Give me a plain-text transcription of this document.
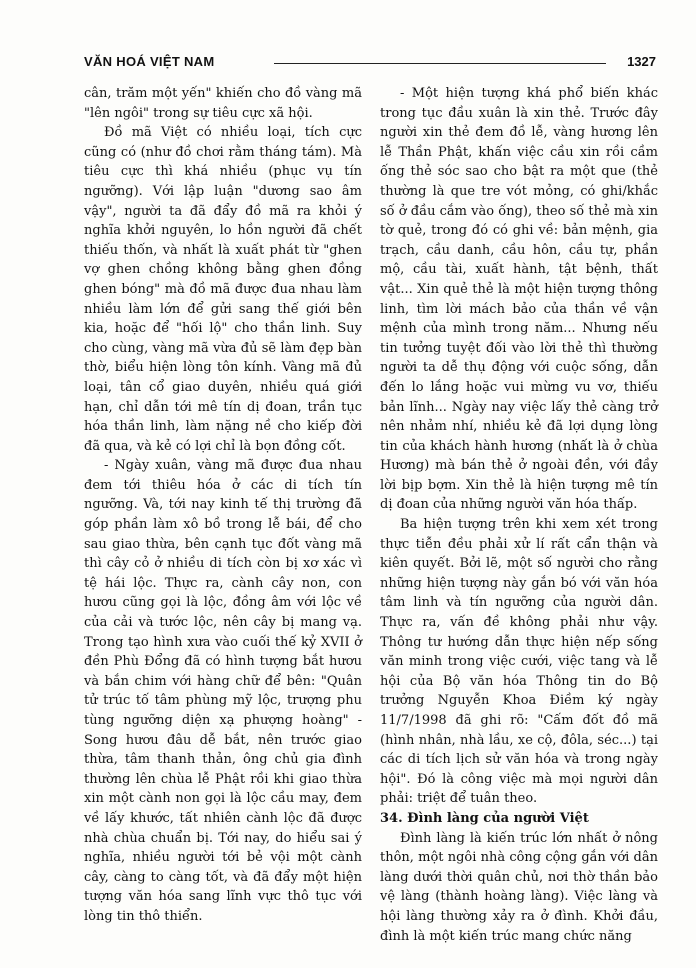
VĂN HOÁ VIỆT NAM	1327

cân, trăm một yến" khiến cho đồ vàng mã "lên ngôi" trong sự tiêu cực xã hội.

Đồ mã Việt có nhiều loại, tích cực cũng có (như đồ chơi rằm tháng tám). Mà tiêu cực thì khá nhiều (phục vụ tín ngưỡng). Với lập luận "dương sao âm vậy", người ta đã đẩy đồ mã ra khỏi ý nghĩa khởi nguyên, lo hồn người đã chết thiếu thốn, và nhất là xuất phát từ "ghen vợ ghen chồng không bằng ghen đồng ghen bóng" mà đồ mã được đua nhau làm nhiều làm lớn để gửi sang thế giới bên kia, hoặc để "hối lộ" cho thần linh. Suy cho cùng, vàng mã vừa đủ sẽ làm đẹp bàn thờ, biểu hiện lòng tôn kính. Vàng mã đủ loại, tân cổ giao duyên, nhiều quá giới hạn, chỉ dẫn tới mê tín dị đoan, trần tục hóa thần linh, làm nặng nề cho kiếp đời đã qua, và kẻ có lợi chỉ là bọn đồng cốt.

- Ngày xuân, vàng mã được đua nhau đem tới thiêu hóa ở các di tích tín ngưỡng. Và, tới nay kinh tế thị trường đã góp phần làm xô bồ trong lễ bái, để cho sau giao thừa, bên cạnh tục đốt vàng mã thì cây cỏ ở nhiều di tích còn bị xơ xác vì tệ hái lộc. Thực ra, cành cây non, con hươu cũng gọi là lộc, đồng âm với lộc về của cải và tước lộc, nên cây bị mang vạ. Trong tạo hình xưa vào cuối thế kỷ XVII ở đền Phù Đổng đã có hình tượng bắt hươu và bắn chim với hàng chữ để bên: "Quân tử trúc tố tâm phùng mỹ lộc, trượng phu tùng ngưỡng diện xạ phượng hoàng" - Song hươu đâu dễ bắt, nên trước giao thừa, tâm thanh thản, ông chủ gia đình thường lên chùa lễ Phật rồi khi giao thừa xin một cành non gọi là lộc cầu may, đem về lấy khước, tất nhiên cành lộc đã được nhà chùa chuẩn bị. Tới nay, do hiểu sai ý nghĩa, nhiều người tới bẻ vội một cành cây, càng to càng tốt, và đã đẩy một hiện tượng văn hóa sang lĩnh vực thô tục với lòng tin thô thiển.

- Một hiện tượng khá phổ biến khác trong tục đầu xuân là xin thẻ. Trước đây người xin thẻ đem đồ lễ, vàng hương lên lễ Thần Phật, khấn việc cầu xin rồi cầm ống thẻ sóc sao cho bật ra một que (thẻ thường là que tre vót mỏng, có ghi/khắc số ở đầu cắm vào ống), theo số thẻ mà xin tờ quẻ, trong đó có ghi về: bản mệnh, gia trạch, cầu danh, cầu hôn, cầu tự, phần mộ, cầu tài, xuất hành, tật bệnh, thất vật... Xin quẻ thẻ là một hiện tượng thông linh, tìm lời mách bảo của thần về vận mệnh của mình trong năm... Nhưng nếu tin tưởng tuyệt đối vào lời thẻ thì thường người ta dễ thụ động với cuộc sống, dẫn đến lo lắng hoặc vui mừng vu vơ, thiếu bản lĩnh... Ngày nay việc lấy thẻ càng trở nên nhảm nhí, nhiều kẻ đã lợi dụng lòng tin của khách hành hương (nhất là ở chùa Hương) mà bán thẻ ở ngoài đền, với đầy lời bịp bợm. Xin thẻ là hiện tượng mê tín dị đoan của những người văn hóa thấp.

Ba hiện tượng trên khi xem xét trong thực tiễn đều phải xử lí rất cẩn thận và kiên quyết. Bởi lẽ, một số người cho rằng những hiện tượng này gắn bó với văn hóa tâm linh và tín ngưỡng của người dân. Thực ra, vấn đề không phải như vậy. Thông tư hướng dẫn thực hiện nếp sống văn minh trong việc cưới, việc tang và lễ hội của Bộ văn hóa Thông tin do Bộ trưởng Nguyễn Khoa Điềm ký ngày 11/7/1998 đã ghi rõ: "Cấm đốt đồ mã (hình nhân, nhà lầu, xe cộ, đôla, séc...) tại các di tích lịch sử văn hóa và trong ngày hội". Đó là công việc mà mọi người dân phải: triệt để tuân theo.

34. Đình làng của người Việt

Đình làng là kiến trúc lớn nhất ở nông thôn, một ngôi nhà công cộng gắn với dân làng dưới thời quân chủ, nơi thờ thần bảo vệ làng (thành hoàng làng). Việc làng và hội làng thường xảy ra ở đình. Khởi đầu, đình là một kiến trúc mang chức năng
